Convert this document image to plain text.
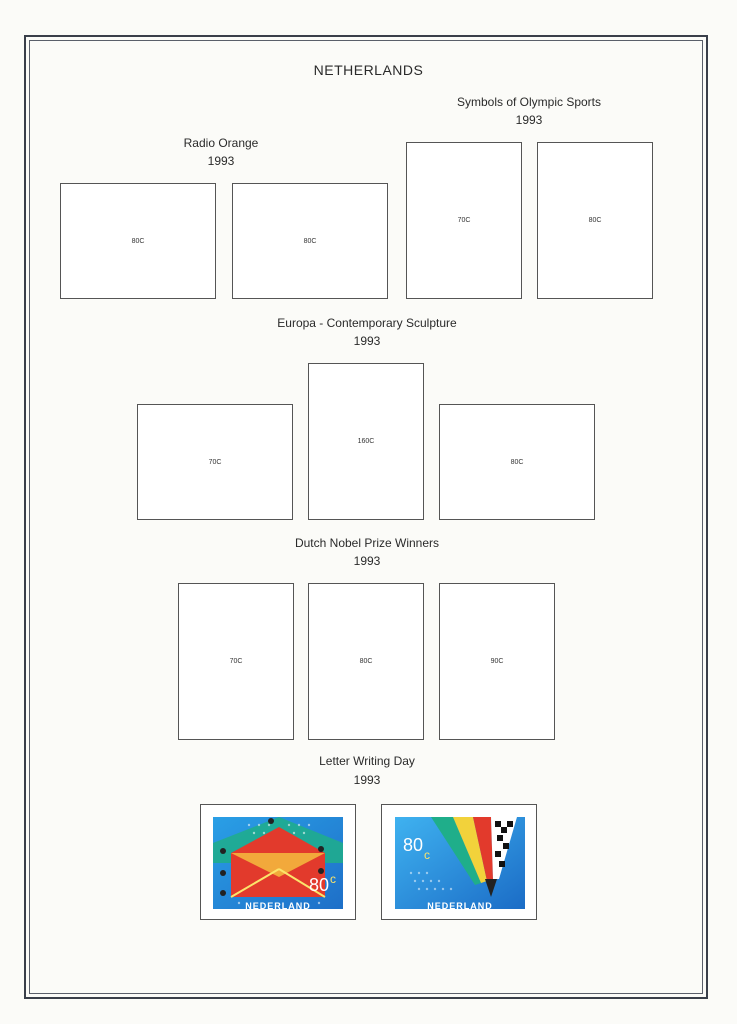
NETHERLANDS
Radio Orange
1993
80C	80C
Symbols of Olympic Sports
1993
70C	80C
Europa - Contemporary Sculpture
1993
70C
160C
80C
Dutch Nobel Prize Winners
1993
70C	80C	90C
Letter Writing Day
1993
80 c
NEDERLAND
80 c
NEDERLAND
